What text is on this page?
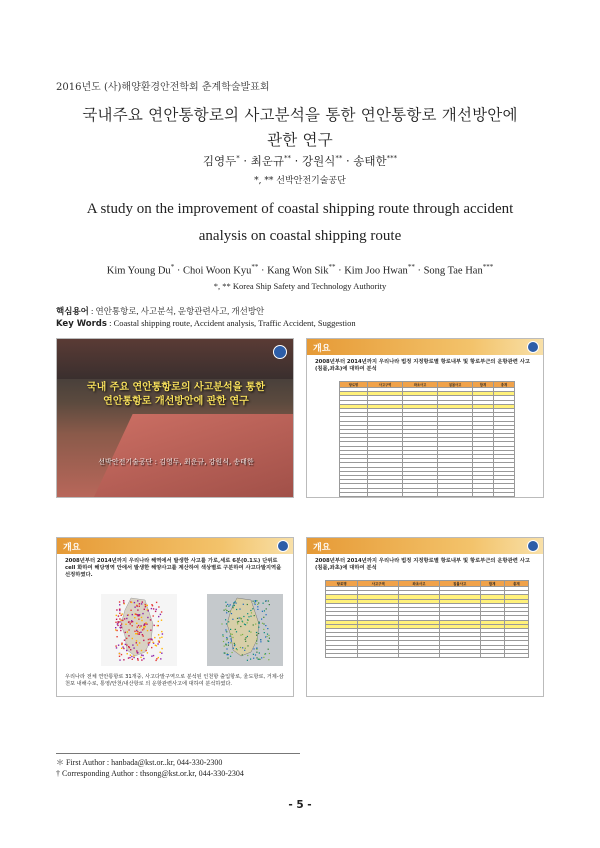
2016년도 (사)해양환경안전학회 춘계학술발표회
국내주요 연안통항로의 사고분석을 통한 연안통항로 개선방안에
관한 연구
김영두* · 최운규** · 강원식** · 송태한***
*, ** 선박안전기술공단
A study on the improvement of coastal shipping route through accident
analysis on coastal shipping route
Kim Young Du* · Choi Woon Kyu** · Kang Won Sik** · Kim Joo Hwan** · Song Tae Han***
*, ** Korea Ship Safety and Technology Authority
핵심용어 : 연안통항로, 사고분석, 운항관련사고, 개선방안
Key Words : Coastal shipping route, Accident analysis, Traffic Accident, Suggestion
국내 주요 연안통항로의 사고분석을 통한
연안통항로 개선방안에 관한 연구
선박안전기술공단 : 김영두, 최운규, 강원식, 송태한
개요
2008년부터 2014년까지 우리나라 법정 지정항로별 항로내부 및 항로부근의 운항관련 사고(침몰,좌초)에 대하여 분석
항로명	사고구역	좌초사고	침몰사고	합계	총계

개요
2008년부터 2014년까지 우리나라 해역에서 발생한 사고를 가로,세로 6분(0.1도) 단위로 cell 화하여 해당영역 안에서 발생한 해양사고를 계산하여 색상별로 구분하여 사고다발지역을 선정하였다.
우리나라 전체 연안통항로 31개중, 사고다발구역으로 분석된 인천항 출입항로, 울도항로, 거제-삼천포 내해수로, 통영/안천/내산항로 의 운항관련사고에 대하여 분석하였다.
개요
2008년부터 2014년까지 우리나라 법정 지정항로별 항로내부 및 항로부근의 운항관련 사고(침몰,좌초)에 대하여 분석
항로명	사고구역	좌초사고	침몰사고	합계	총계

＊ First Author : hanbada@kst.or..kr, 044-330-2300
† Corresponding Author : thsong@kst.or.kr, 044-330-2304
- 5 -
